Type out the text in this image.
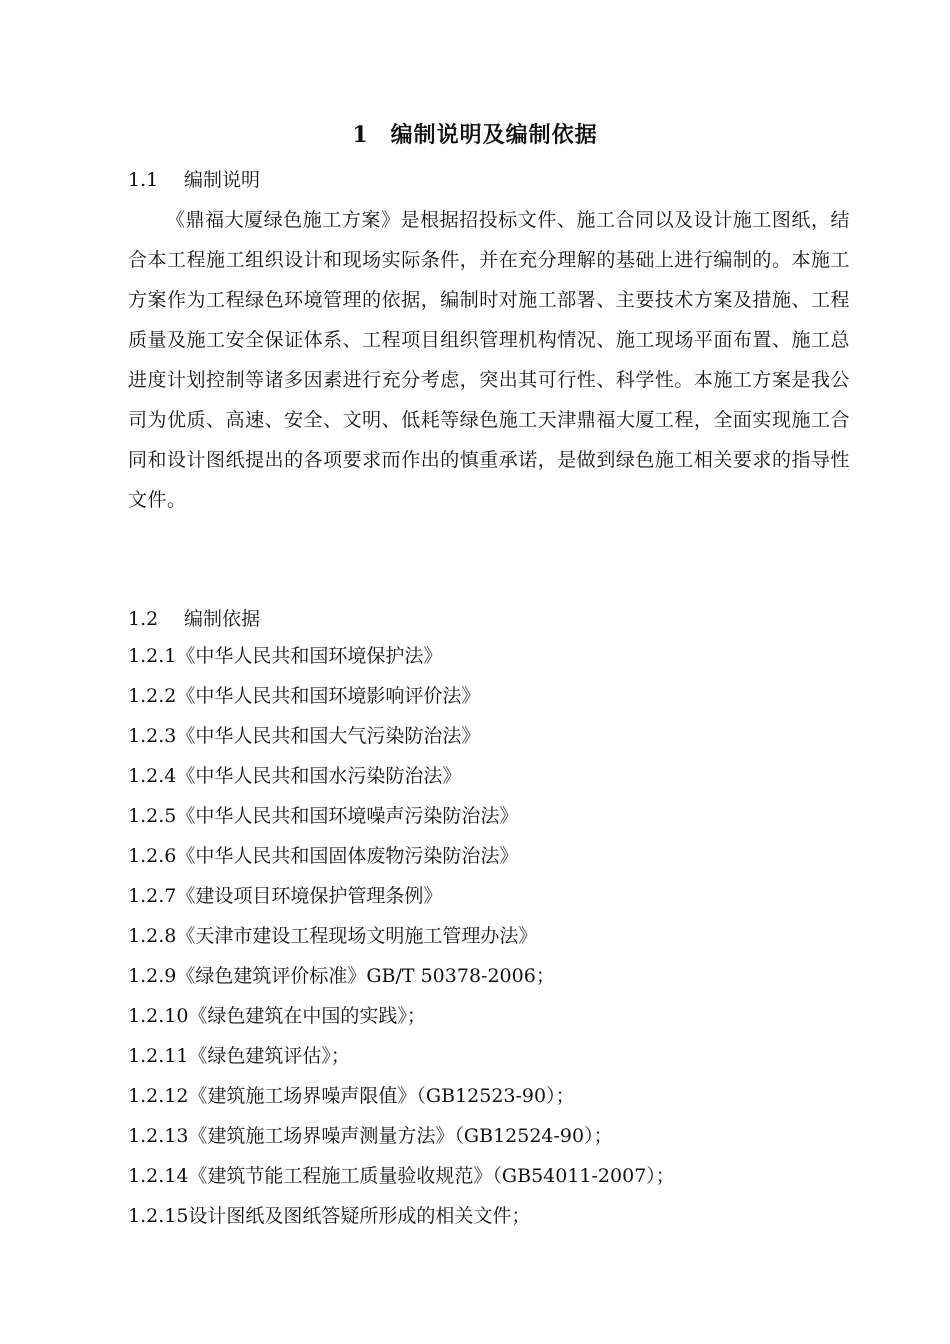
1 编制说明及编制依据
1.1 编制说明

《鼎福大厦绿色施工方案》是根据招投标文件、施工合同以及设计施工图纸，结合本工程施工组织设计和现场实际条件，并在充分理解的基础上进行编制的。本施工方案作为工程绿色环境管理的依据，编制时对施工部署、主要技术方案及措施、工程质量及施工安全保证体系、工程项目组织管理机构情况、施工现场平面布置、施工总进度计划控制等诸多因素进行充分考虑，突出其可行性、科学性。本施工方案是我公司为优质、高速、安全、文明、低耗等绿色施工天津鼎福大厦工程，全面实现施工合同和设计图纸提出的各项要求而作出的慎重承诺，是做到绿色施工相关要求的指导性文件。

1.2 编制依据
1.2.1《中华人民共和国环境保护法》
1.2.2《中华人民共和国环境影响评价法》
1.2.3《中华人民共和国大气污染防治法》
1.2.4《中华人民共和国水污染防治法》
1.2.5《中华人民共和国环境噪声污染防治法》
1.2.6《中华人民共和国固体废物污染防治法》
1.2.7《建设项目环境保护管理条例》
1.2.8《天津市建设工程现场文明施工管理办法》
1.2.9《绿色建筑评价标准》GB/T 50378-2006；
1.2.10《绿色建筑在中国的实践》；
1.2.11《绿色建筑评估》；
1.2.12《建筑施工场界噪声限值》（GB12523-90）；
1.2.13《建筑施工场界噪声测量方法》（GB12524-90）；
1.2.14《建筑节能工程施工质量验收规范》（GB54011-2007）；
1.2.15设计图纸及图纸答疑所形成的相关文件；
